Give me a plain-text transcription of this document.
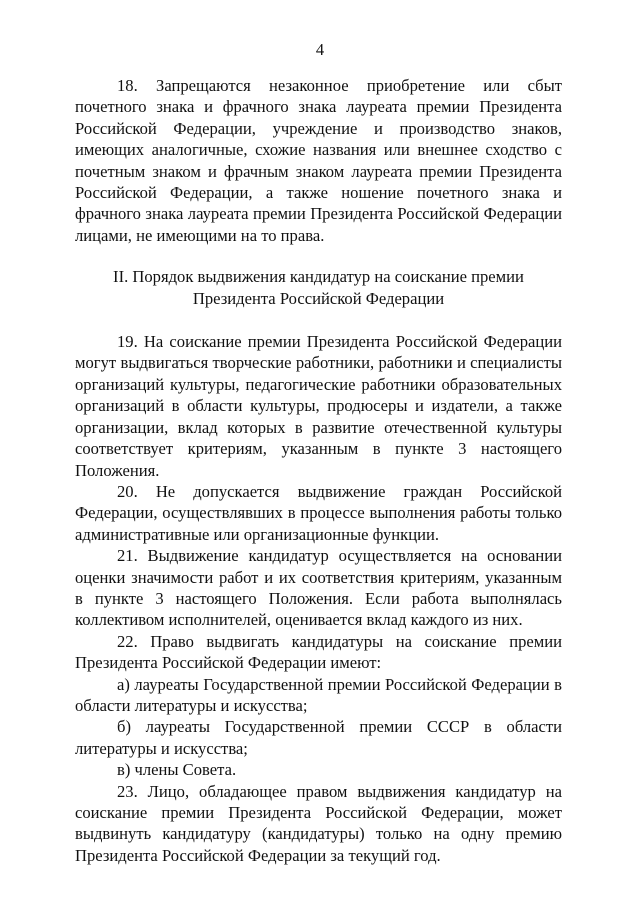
4

18. Запрещаются незаконное приобретение или сбыт почетного знака и фрачного знака лауреата премии Президента Российской Федерации, учреждение и производство знаков, имеющих аналогичные, схожие названия или внешнее сходство с почетным знаком и фрачным знаком лауреата премии Президента Российской Федерации, а также ношение почетного знака и фрачного знака лауреата премии Президента Российской Федерации лицами, не имеющими на то права.

II. Порядок выдвижения кандидатур на соискание премии
Президента Российской Федерации

19. На соискание премии Президента Российской Федерации могут выдвигаться творческие работники, работники и специалисты организаций культуры, педагогические работники образовательных организаций в области культуры, продюсеры и издатели, а также организации, вклад которых в развитие отечественной культуры соответствует критериям, указанным в пункте 3 настоящего Положения.

20. Не допускается выдвижение граждан Российской Федерации, осуществлявших в процессе выполнения работы только административные или организационные функции.

21. Выдвижение кандидатур осуществляется на основании оценки значимости работ и их соответствия критериям, указанным в пункте 3 настоящего Положения. Если работа выполнялась коллективом исполнителей, оценивается вклад каждого из них.

22. Право выдвигать кандидатуры на соискание премии Президента Российской Федерации имеют:

а) лауреаты Государственной премии Российской Федерации в области литературы и искусства;

б) лауреаты Государственной премии СССР в области литературы и искусства;

в) члены Совета.

23. Лицо, обладающее правом выдвижения кандидатур на соискание премии Президента Российской Федерации, может выдвинуть кандидатуру (кандидатуры) только на одну премию Президента Российской Федерации за текущий год.
